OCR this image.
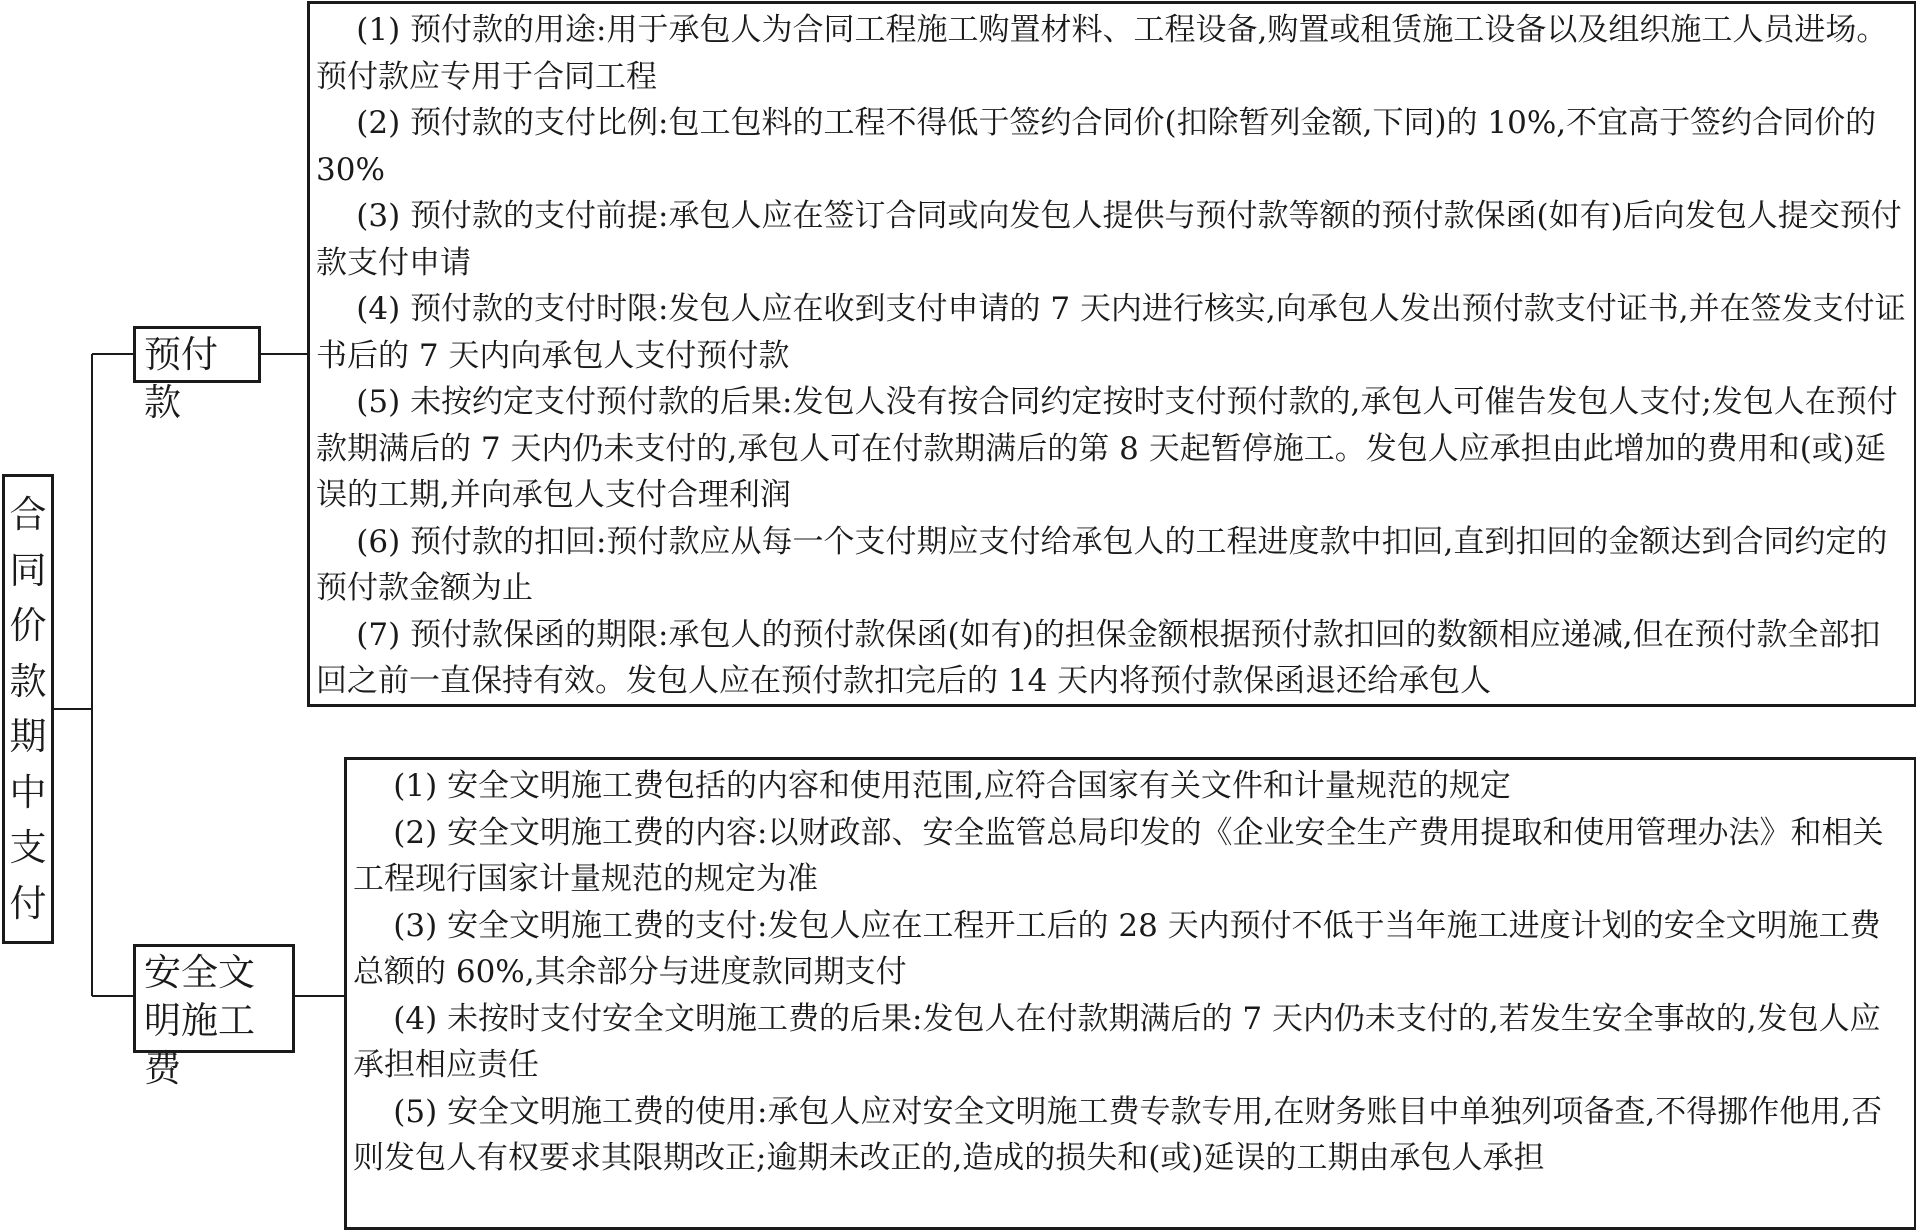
合
同
价
款
期
中
支
付
预付款
安全文明施工费
(1) 预付款的用途:用于承包人为合同工程施工购置材料、工程设备,购置或租赁施工设备以及组织施工人员进场。预付款应专用于合同工程
(2) 预付款的支付比例:包工包料的工程不得低于签约合同价(扣除暂列金额,下同)的 10%,不宜高于签约合同价的 30%
(3) 预付款的支付前提:承包人应在签订合同或向发包人提供与预付款等额的预付款保函(如有)后向发包人提交预付款支付申请
(4) 预付款的支付时限:发包人应在收到支付申请的 7 天内进行核实,向承包人发出预付款支付证书,并在签发支付证书后的 7 天内向承包人支付预付款
(5) 未按约定支付预付款的后果:发包人没有按合同约定按时支付预付款的,承包人可催告发包人支付;发包人在预付款期满后的 7 天内仍未支付的,承包人可在付款期满后的第 8 天起暂停施工。发包人应承担由此增加的费用和(或)延误的工期,并向承包人支付合理利润
(6) 预付款的扣回:预付款应从每一个支付期应支付给承包人的工程进度款中扣回,直到扣回的金额达到合同约定的预付款金额为止
(7) 预付款保函的期限:承包人的预付款保函(如有)的担保金额根据预付款扣回的数额相应递减,但在预付款全部扣回之前一直保持有效。发包人应在预付款扣完后的 14 天内将预付款保函退还给承包人
(1) 安全文明施工费包括的内容和使用范围,应符合国家有关文件和计量规范的规定
(2) 安全文明施工费的内容:以财政部、安全监管总局印发的《企业安全生产费用提取和使用管理办法》和相关工程现行国家计量规范的规定为准
(3) 安全文明施工费的支付:发包人应在工程开工后的 28 天内预付不低于当年施工进度计划的安全文明施工费总额的 60%,其余部分与进度款同期支付
(4) 未按时支付安全文明施工费的后果:发包人在付款期满后的 7 天内仍未支付的,若发生安全事故的,发包人应承担相应责任
(5) 安全文明施工费的使用:承包人应对安全文明施工费专款专用,在财务账目中单独列项备查,不得挪作他用,否则发包人有权要求其限期改正;逾期未改正的,造成的损失和(或)延误的工期由承包人承担
